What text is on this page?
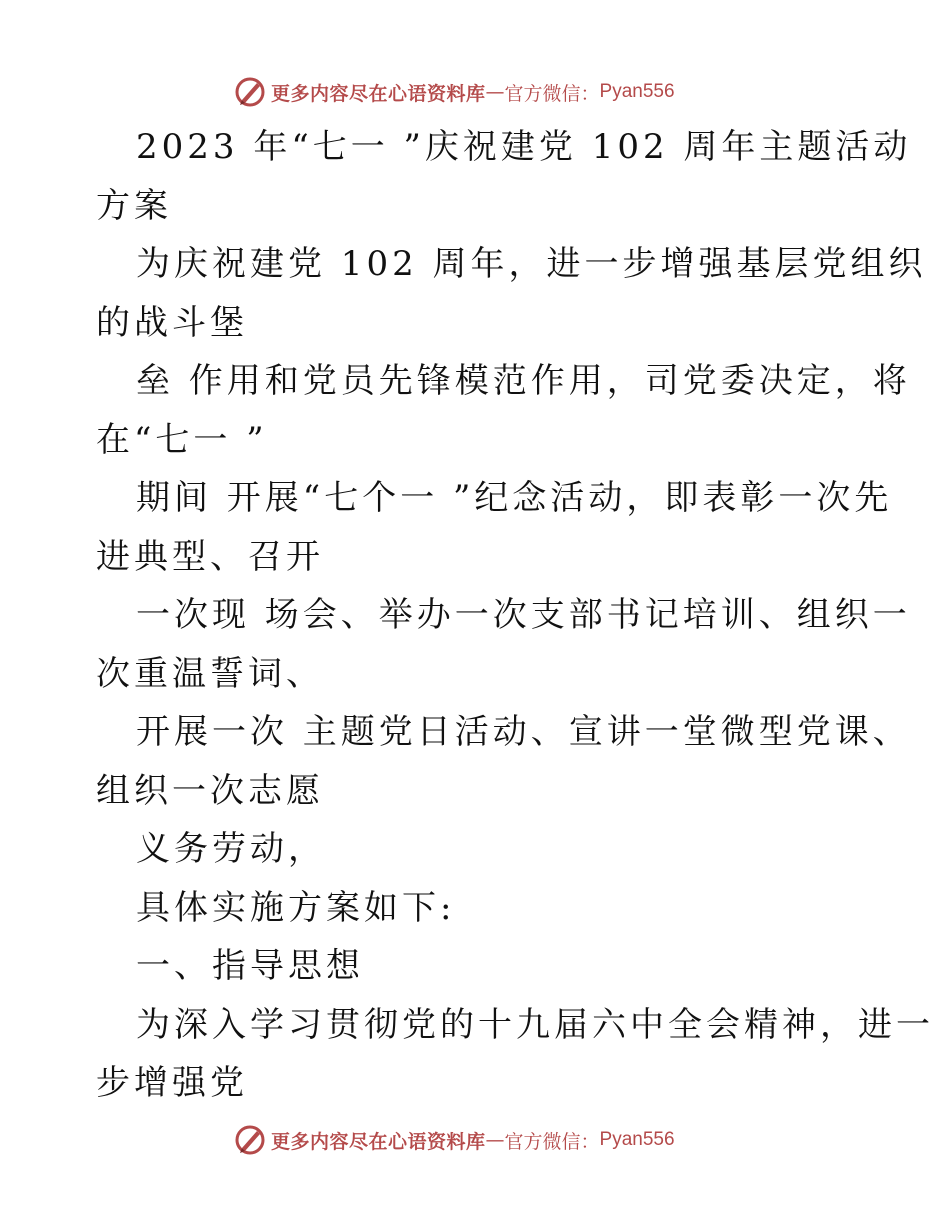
更多内容尽在心语资料库 — 官方微信： Pyan556
2023 年“七一 ”庆祝建党 102 周年主题活动
方案
为庆祝建党 102 周年，进一步增强基层党组织
的战斗堡
垒 作用和党员先锋模范作用，司党委决定，将
在“七一 ”
期间 开展“七个一 ”纪念活动，即表彰一次先
进典型、召开
一次现 场会、举办一次支部书记培训、组织一
次重温誓词、
开展一次 主题党日活动、宣讲一堂微型党课、
组织一次志愿
义务劳动，
具体实施方案如下:
一、指导思想
为深入学习贯彻党的十九届六中全会精神，进一
步增强党
更多内容尽在心语资料库 — 官方微信： Pyan556
